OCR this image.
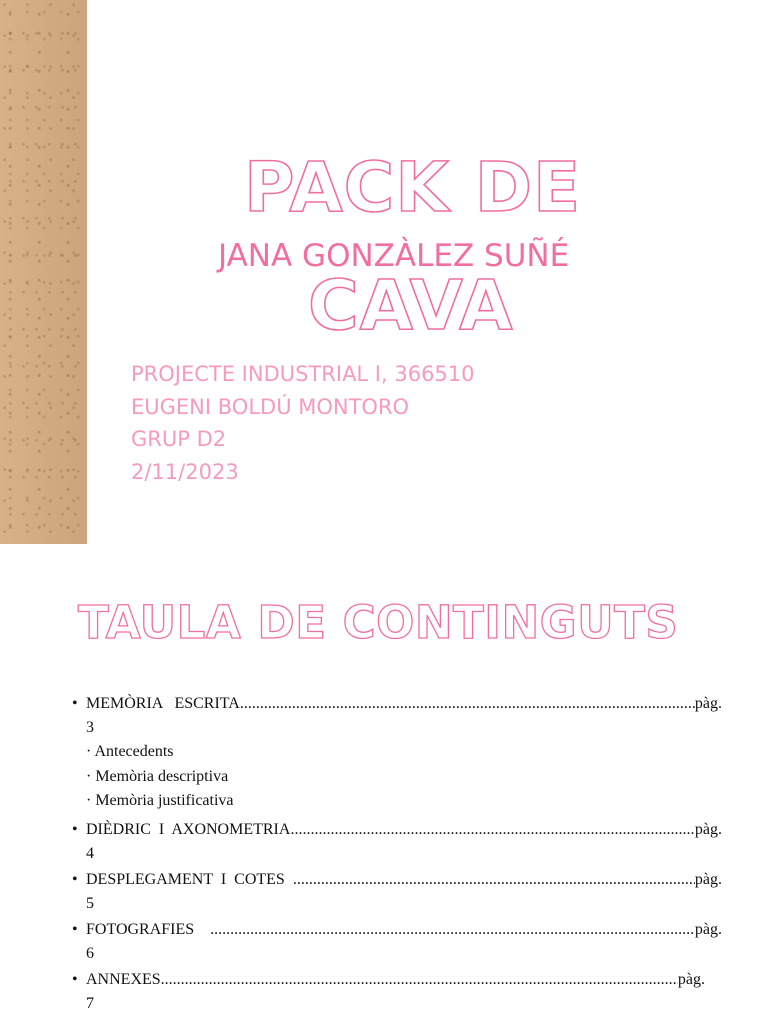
PACK DE
JANA GONZÀLEZ SUÑÉ
CAVA
PROJECTE INDUSTRIAL I, 366510
EUGENI BOLDÚ MONTORO
GRUP D2
2/11/2023
TAULA DE CONTINGUTS
• MEMÒRIA   ESCRITA .....	pàg.
3
· Antecedents
· Memòria descriptiva
· Memòria justificativa
• DIÈDRIC  I  AXONOMETRIA .....	pàg.
4
• DESPLEGAMENT  I  COTES .....	pàg.
5
• FOTOGRAFIES .....	pàg.
6
• ANNEXES .....	pàg.
7
